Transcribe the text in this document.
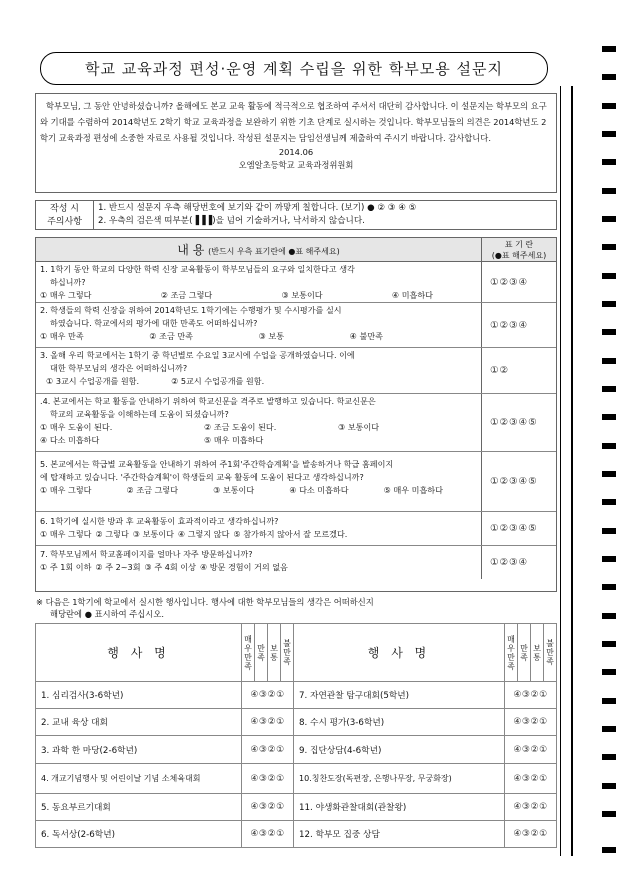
학교 교육과정 편성·운영 계획 수립을 위한 학부모용 설문지

학부모님, 그 동안 안녕하셨습니까? 올해에도 본교 교육 활동에 적극적으로 협조하여 주셔서 대단히 감사합니다. 이 설문지는 학부모의 요구와 기대를 수렴하여 2014학년도 2학기 학교 교육과정을 보완하기 위한 기초 단계로 실시하는 것입니다. 학부모님들의 의견은 2014학년도 2학기 교육과정 편성에 소중한 자료로 사용될 것입니다. 작성된 설문지는 담임선생님께 제출하여 주시기 바랍니다. 감사합니다.

2014.06
오엠알초등학교 교육과정위원회
작성 시
주의사항
1. 반드시 설문지 우측 해당번호에 보기와 같이 까맣게 칠합니다. (보기) ● ② ③ ④ ⑤
2. 우측의 검은색 띠부분(▐▐▐)을 넘어 기술하거나, 낙서하지 않습니다.
내 용 (반드시 우측 표기란에 ●표 해주세요)
표 기 란
(●표 해주세요)
1. 1학기 동안 학교의 다양한 학력 신장 교육활동이 학부모님들의 요구와 일치한다고 생각
하십니까?
① 매우 그렇다	② 조금 그렇다	③ 보통이다	④ 미흡하다
①②③④
2. 학생들의 학력 신장을 위하여 2014학년도 1학기에는 수행평가 및 수시평가를 실시
하였습니다. 학교에서의 평가에 대한 만족도 어떠하십니까?
① 매우 만족	② 조금 만족	③ 보통	④ 불만족
①②③④
3. 올해 우리 학교에서는 1학기 중 학년별로 수요일 3교시에 수업을 공개하였습니다. 이에
대한 학부모님의 생각은 어떠하십니까?
① 3교시 수업공개를 원함.	② 5교시 수업공개를 원함.
①②
.4. 본교에서는 학교 활동을 안내하기 위하여 학교신문을 격주로 발행하고 있습니다. 학교신문은
학교의 교육활동을 이해하는데 도움이 되셨습니까?
① 매우 도움이 된다.	② 조금 도움이 된다.	③ 보통이다
④ 다소 미흡하다	⑤ 매우 미흡하다
①②③④⑤
5. 본교에서는 학급별 교육활동을 안내하기 위하여 주1회'주간학습계획'을 발송하거나 학급 홈페이지
에 탑재하고 있습니다. '주간학습계획'이 학생들의 교육 활동에 도움이 된다고 생각하십니까?
① 매우 그렇다	② 조금 그렇다	③ 보통이다	④ 다소 미흡하다	⑤ 매우 미흡하다
①②③④⑤
6. 1학기에 실시한 방과 후 교육활동이 효과적이라고 생각하십니까?
① 매우 그렇다 ② 그렇다 ③ 보통이다 ④ 그렇지 않다 ⑤ 참가하지 않아서 잘 모르겠다.	①②③④⑤
7. 학부모님께서 학교홈페이지를 얼마나 자주 방문하십니까?
① 주 1회 이하 ② 주 2~3회 ③ 주 4회 이상 ④ 방문 경험이 거의 없음	①②③④
※ 다음은 1학기에 학교에서 실시한 행사입니다. 행사에 대한 학부모님들의 생각은 어떠하신지
해당란에 ● 표시하여 주십시오.
행 사 명	매우만족	만족	보통	불만족	행 사 명	매우만족	만족	보통	불만족
1. 심리검사(3-6학년)	④③②①				7. 자연관찰 탐구대회(5학년)	④③②①			
2. 교내 육상 대회	④③②①				8. 수시 평가(3-6학년)	④③②①			
3. 과학 한 마당(2-6학년)	④③②①				9. 집단상담(4-6학년)	④③②①			
4. 개교기념행사 및 어린이날 기념 소체육대회	④③②①				10.칭찬도장(독편장, 은행나무장, 무궁화장)	④③②①			
5. 동요부르기대회	④③②①				11. 야생화관찰대회(관찰왕)	④③②①			
6. 독서상(2-6학년)	④③②①				12. 학부모 집중 상담	④③②①			
